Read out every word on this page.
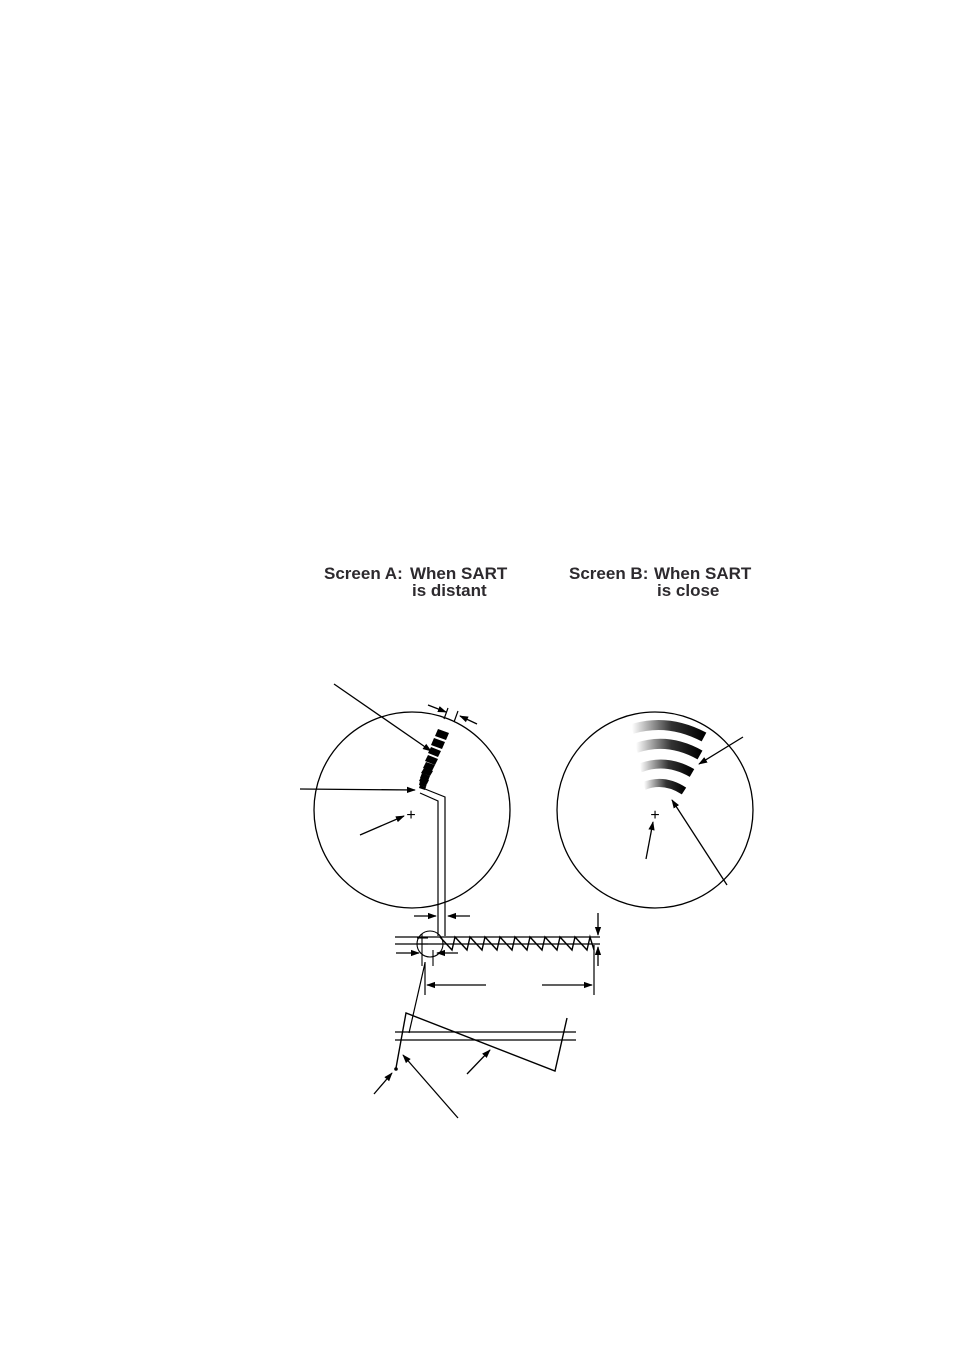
Screen A: When SART
is distant
Screen B: When SART
is close
+	+
